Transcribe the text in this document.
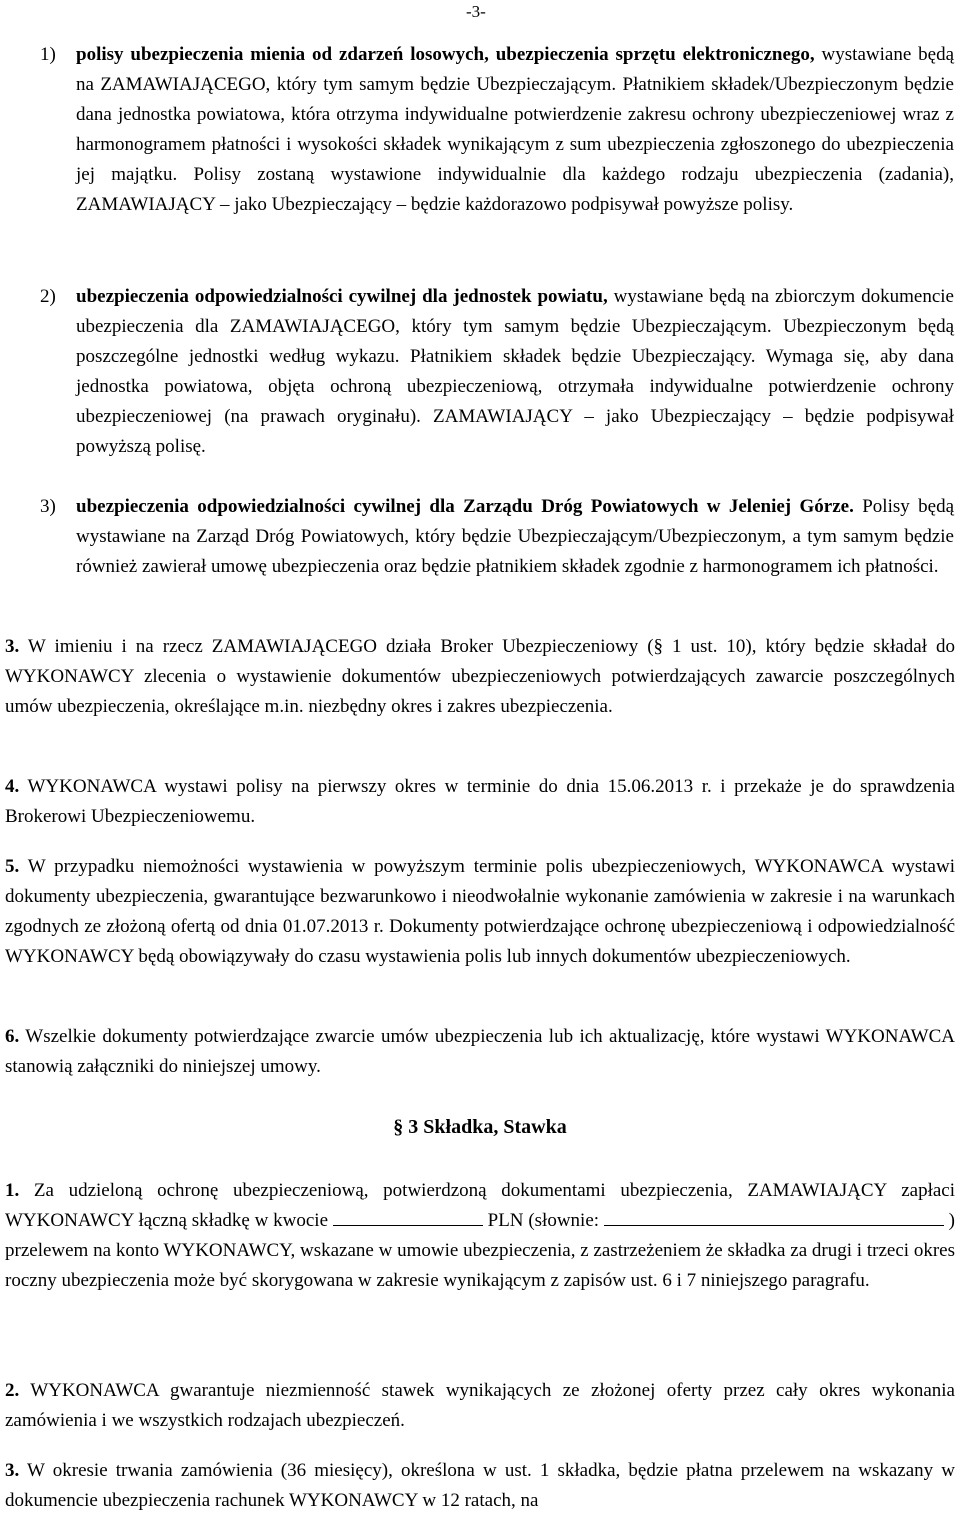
-3-
1) polisy ubezpieczenia mienia od zdarzeń losowych, ubezpieczenia sprzętu elektronicznego, wystawiane będą na ZAMAWIAJĄCEGO, który tym samym będzie Ubezpieczającym. Płatnikiem składek/Ubezpieczonym będzie dana jednostka powiatowa, która otrzyma indywidualne potwierdzenie zakresu ochrony ubezpieczeniowej wraz z harmonogramem płatności i wysokości składek wynikającym z sum ubezpieczenia zgłoszonego do ubezpieczenia jej majątku. Polisy zostaną wystawione indywidualnie dla każdego rodzaju ubezpieczenia (zadania), ZAMAWIAJĄCY – jako Ubezpieczający – będzie każdorazowo podpisywał powyższe polisy.
2) ubezpieczenia odpowiedzialności cywilnej dla jednostek powiatu, wystawiane będą na zbiorczym dokumencie ubezpieczenia dla ZAMAWIAJĄCEGO, który tym samym będzie Ubezpieczającym. Ubezpieczonym będą poszczególne jednostki według wykazu. Płatnikiem składek będzie Ubezpieczający. Wymaga się, aby dana jednostka powiatowa, objęta ochroną ubezpieczeniową, otrzymała indywidualne potwierdzenie ochrony ubezpieczeniowej (na prawach oryginału). ZAMAWIAJĄCY – jako Ubezpieczający – będzie podpisywał powyższą polisę.
3) ubezpieczenia odpowiedzialności cywilnej dla Zarządu Dróg Powiatowych w Jeleniej Górze. Polisy będą wystawiane na Zarząd Dróg Powiatowych, który będzie Ubezpieczającym/Ubezpieczonym, a tym samym będzie również zawierał umowę ubezpieczenia oraz będzie płatnikiem składek zgodnie z harmonogramem ich płatności.
3. W imieniu i na rzecz ZAMAWIAJĄCEGO działa Broker Ubezpieczeniowy (§ 1 ust. 10), który będzie składał do WYKONAWCY zlecenia o wystawienie dokumentów ubezpieczeniowych potwierdzających zawarcie poszczególnych umów ubezpieczenia, określające m.in. niezbędny okres i zakres ubezpieczenia.
4. WYKONAWCA wystawi polisy na pierwszy okres w terminie do dnia 15.06.2013 r. i przekaże je do sprawdzenia Brokerowi Ubezpieczeniowemu.
5. W przypadku niemożności wystawienia w powyższym terminie polis ubezpieczeniowych, WYKONAWCA wystawi dokumenty ubezpieczenia, gwarantujące bezwarunkowo i nieodwołalnie wykonanie zamówienia w zakresie i na warunkach zgodnych ze złożoną ofertą od dnia 01.07.2013 r. Dokumenty potwierdzające ochronę ubezpieczeniową i odpowiedzialność WYKONAWCY będą obowiązywały do czasu wystawienia polis lub innych dokumentów ubezpieczeniowych.
6. Wszelkie dokumenty potwierdzające zwarcie umów ubezpieczenia lub ich aktualizację, które wystawi WYKONAWCA stanowią załączniki do niniejszej umowy.
§ 3 Składka, Stawka
1. Za udzieloną ochronę ubezpieczeniową, potwierdzoną dokumentami ubezpieczenia, ZAMAWIAJĄCY zapłaci WYKONAWCY łączną składkę w kwocie	PLN (słownie:	) przelewem na konto WYKONAWCY, wskazane w umowie ubezpieczenia, z zastrzeżeniem że składka za drugi i trzeci okres roczny ubezpieczenia może być skorygowana w zakresie wynikającym z zapisów ust. 6 i 7 niniejszego paragrafu.
2. WYKONAWCA gwarantuje niezmienność stawek wynikających ze złożonej oferty przez cały okres wykonania zamówienia i we wszystkich rodzajach ubezpieczeń.
3. W okresie trwania zamówienia (36 miesięcy), określona w ust. 1 składka, będzie płatna przelewem na wskazany w dokumencie ubezpieczenia rachunek WYKONAWCY w 12 ratach, na
